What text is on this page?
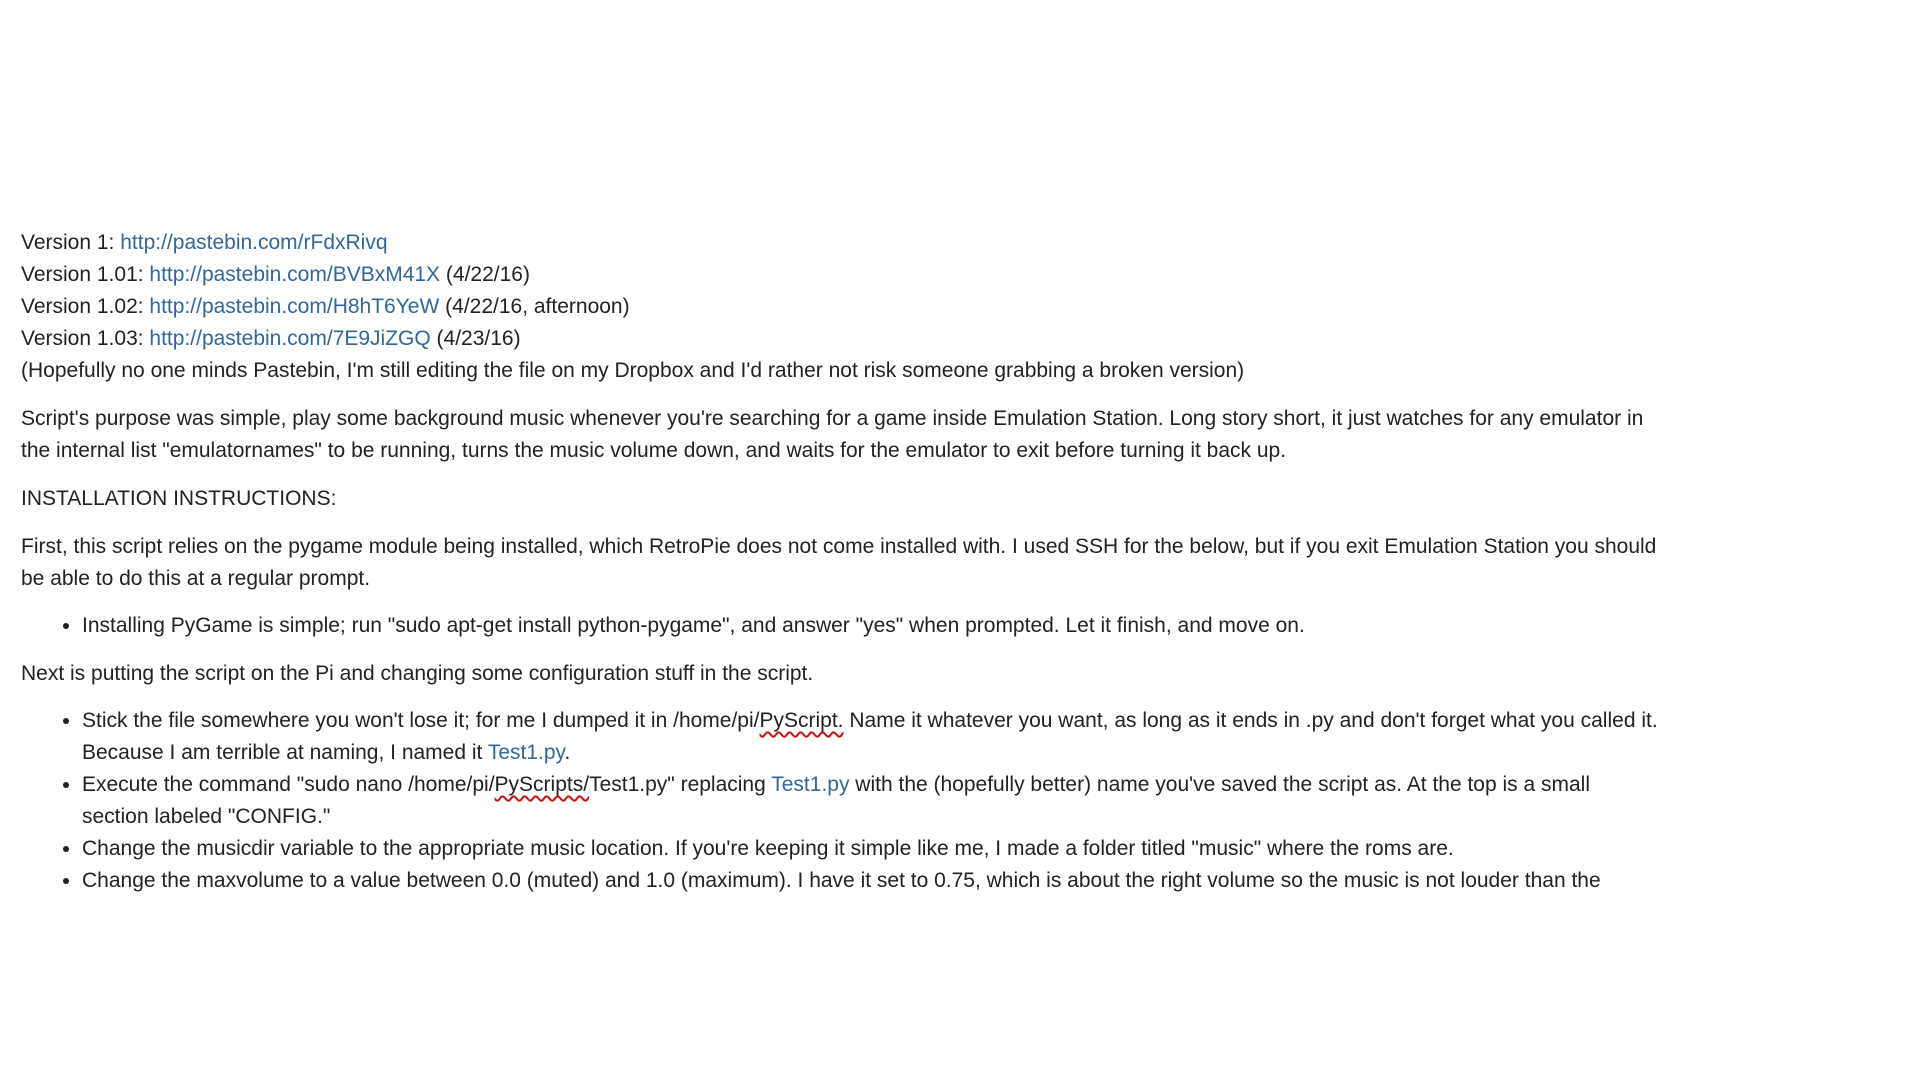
Version 1: http://pastebin.com/rFdxRivq

Version 1.01: http://pastebin.com/BVBxM41X (4/22/16)

Version 1.02: http://pastebin.com/H8hT6YeW (4/22/16, afternoon)

Version 1.03: http://pastebin.com/7E9JiZGQ (4/23/16)

(Hopefully no one minds Pastebin, I'm still editing the file on my Dropbox and I'd rather not risk someone grabbing a broken version)

Script's purpose was simple, play some background music whenever you're searching for a game inside Emulation Station. Long story short, it just watches for any emulator in the internal list "emulatornames" to be running, turns the music volume down, and waits for the emulator to exit before turning it back up.

INSTALLATION INSTRUCTIONS:

First, this script relies on the pygame module being installed, which RetroPie does not come installed with. I used SSH for the below, but if you exit Emulation Station you should be able to do this at a regular prompt.

• Installing PyGame is simple; run "sudo apt-get install python-pygame", and answer "yes" when prompted. Let it finish, and move on.

Next is putting the script on the Pi and changing some configuration stuff in the script.

• Stick the file somewhere you won't lose it; for me I dumped it in /home/pi/PyScript. Name it whatever you want, as long as it ends in .py and don't forget what you called it. Because I am terrible at naming, I named it Test1.py.
• Execute the command "sudo nano /home/pi/PyScripts/Test1.py" replacing Test1.py with the (hopefully better) name you've saved the script as. At the top is a small section labeled "CONFIG."
• Change the musicdir variable to the appropriate music location. If you're keeping it simple like me, I made a folder titled "music" where the roms are.
• Change the maxvolume to a value between 0.0 (muted) and 1.0 (maximum). I have it set to 0.75, which is about the right volume so the music is not louder than the
